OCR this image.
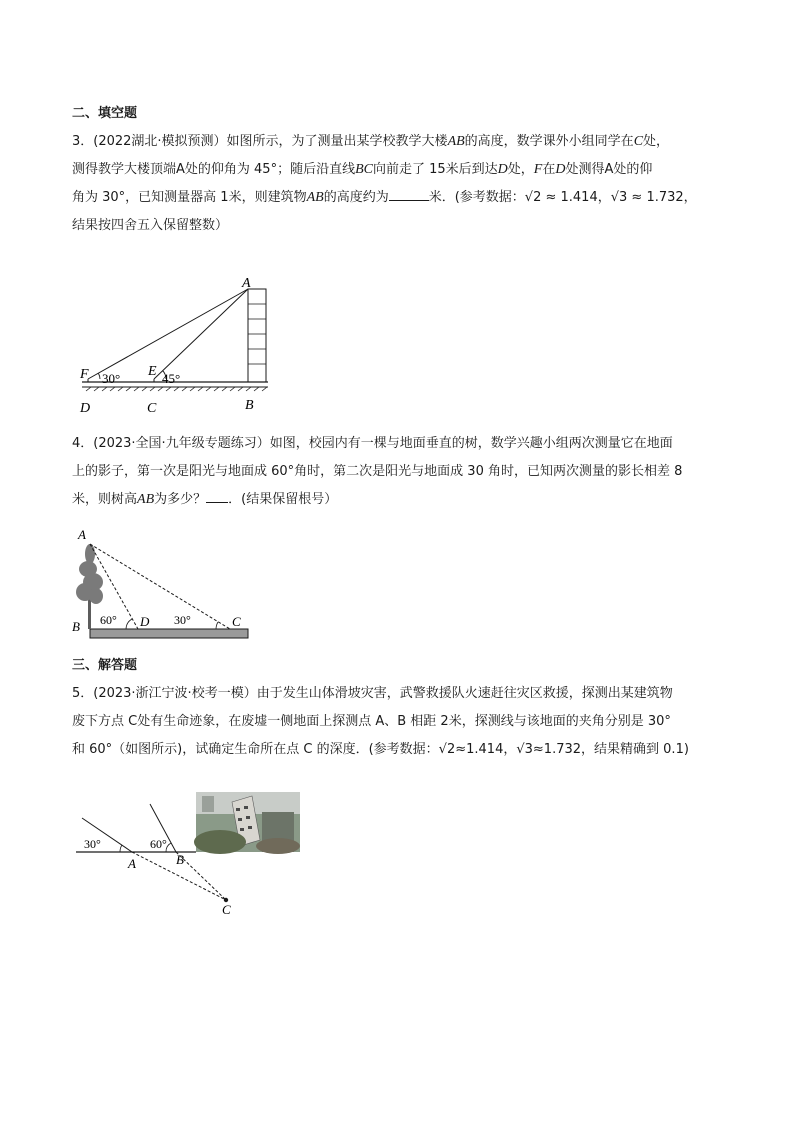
二、填空题
3．(2022湖北·模拟预测）如图所示，为了测量出某学校教学大楼AB的高度，数学课外小组同学在C处，
测得教学大楼顶端A处的仰角为 45°；随后沿直线BC向前走了 15米后到达D处，F在D处测得A处的仰
角为 30°，已知测量器高 1米，则建筑物AB的高度约为	米．(参考数据：√2 ≈ 1.414，√3 ≈ 1.732，
结果按四舍五入保留整数）
A
B
C
D
E
F 30°	45°
4．(2023·全国·九年级专题练习）如图，校园内有一棵与地面垂直的树，数学兴趣小组两次测量它在地面
上的影子，第一次是阳光与地面成 60°角时，第二次是阳光与地面成 30 角时，已知两次测量的影长相差 8
米，则树高AB为多少？ ．(结果保留根号）
A
B	D	C
60°	30°
三、解答题
5．(2023·浙江宁波·校考一模）由于发生山体滑坡灾害，武警救援队火速赶往灾区救援，探测出某建筑物
废下方点 C处有生命迹象，在废墟一侧地面上探测点 A、B 相距 2米，探测线与该地面的夹角分别是 30°
和 60°（如图所示)，试确定生命所在点 C 的深度．(参考数据：√2≈1.414，√3≈1.732，结果精确到 0.1)
30°	60°
A	B
C
